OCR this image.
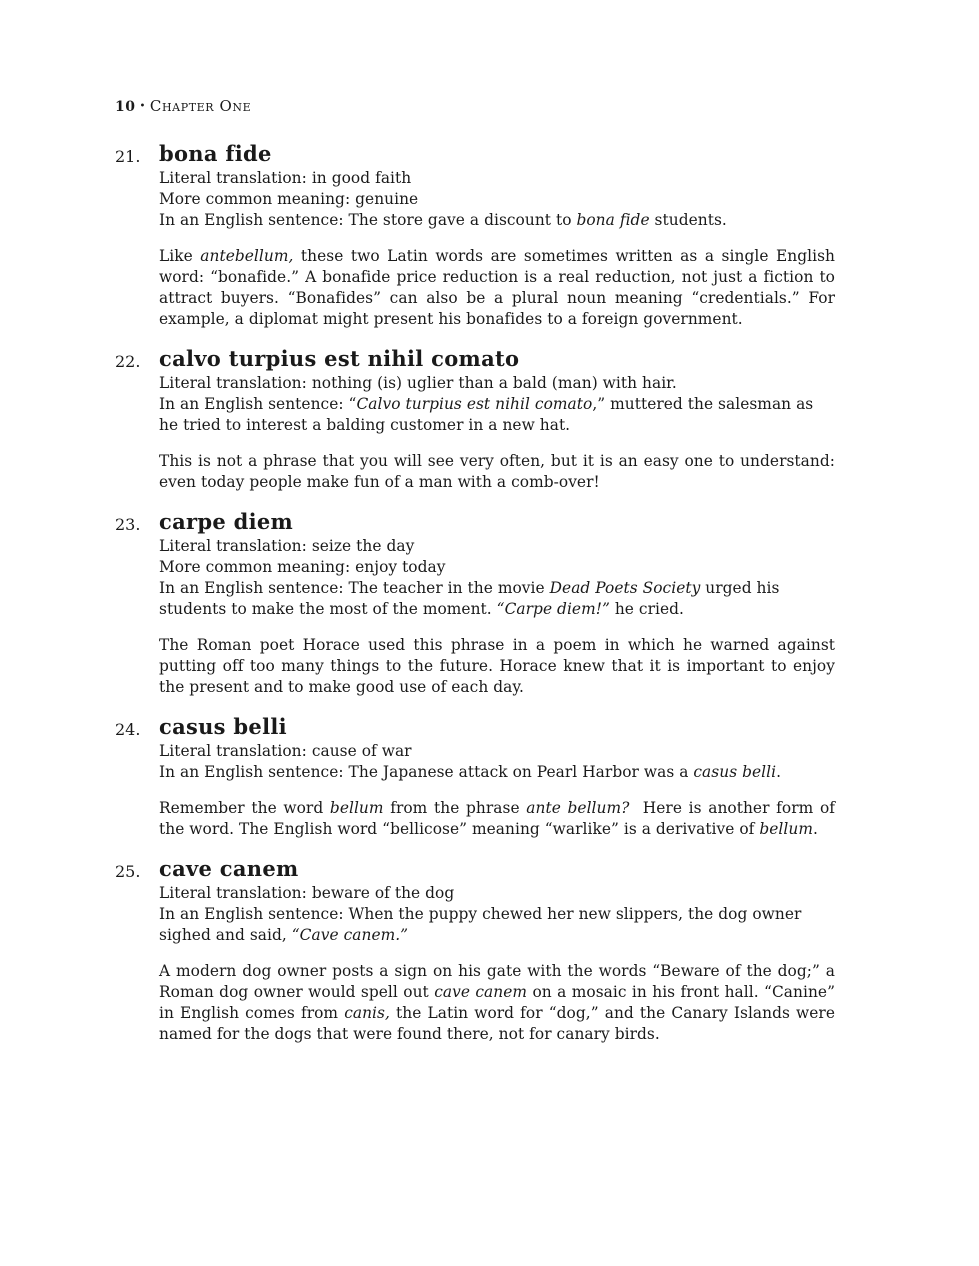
10 • Chapter One
21. bona fide

Literal translation: in good faith

More common meaning: genuine

In an English sentence: The store gave a discount to bona fide students.

Like antebellum, these two Latin words are sometimes written as a single English word: “bonafide.” A bonafide price reduction is a real reduction, not just a fiction to attract buyers. “Bonafides” can also be a plural noun meaning “credentials.” For example, a diplomat might present his bonafides to a foreign government.

22. calvo turpius est nihil comato

Literal translation: nothing (is) uglier than a bald (man) with hair.

In an English sentence: “Calvo turpius est nihil comato,” muttered the salesman as he tried to interest a balding customer in a new hat.

This is not a phrase that you will see very often, but it is an easy one to understand: even today people make fun of a man with a comb-over!

23. carpe diem

Literal translation: seize the day

More common meaning: enjoy today

In an English sentence: The teacher in the movie Dead Poets Society urged his students to make the most of the moment. “Carpe diem!” he cried.

The Roman poet Horace used this phrase in a poem in which he warned against putting off too many things to the future. Horace knew that it is important to enjoy the present and to make good use of each day.

24. casus belli

Literal translation: cause of war

In an English sentence: The Japanese attack on Pearl Harbor was a casus belli.

Remember the word bellum from the phrase ante bellum?  Here is another form of the word. The English word “bellicose” meaning “warlike” is a derivative of bellum.

25. cave canem

Literal translation: beware of the dog

In an English sentence: When the puppy chewed her new slippers, the dog owner sighed and said, “Cave canem.”

A modern dog owner posts a sign on his gate with the words “Beware of the dog;” a Roman dog owner would spell out cave canem on a mosaic in his front hall. “Canine” in English comes from canis, the Latin word for “dog,” and the Canary Islands were named for the dogs that were found there, not for canary birds.
